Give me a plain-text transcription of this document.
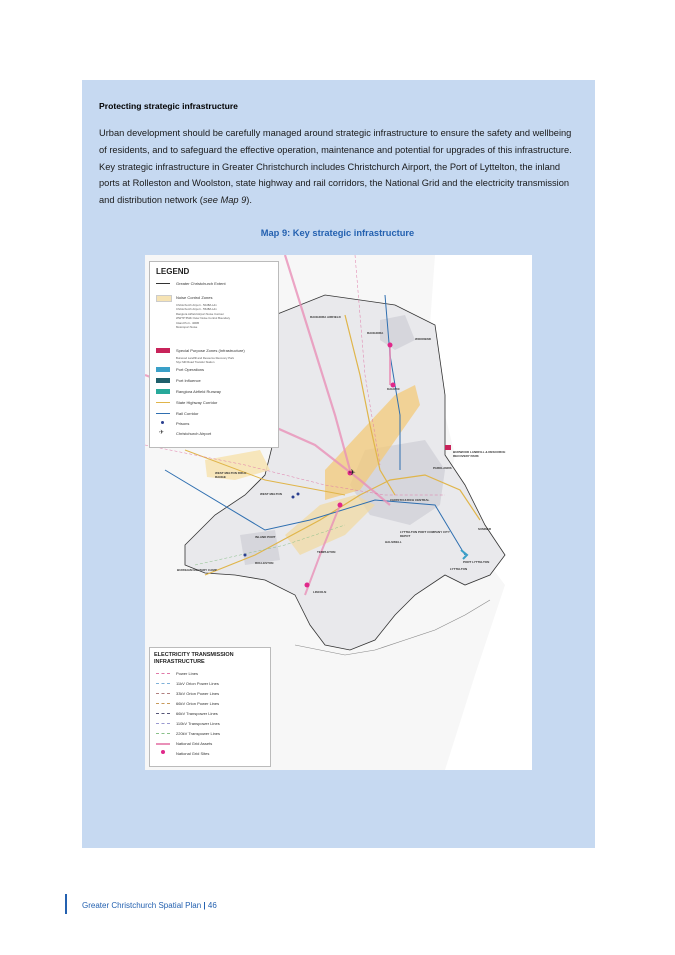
Protecting strategic infrastructure
Urban development should be carefully managed around strategic infrastructure to ensure the safety and wellbeing of residents, and to safeguard the effective operation, maintenance and potential for upgrades of this infrastructure. Key strategic infrastructure in Greater Christchurch includes Christchurch Airport, the Port of Lyttelton, the inland ports at Rolleston and Woolston, state highway and rail corridors, the National Grid and the electricity transmission and distribution network (see Map 9).
Map 9: Key strategic infrastructure
✈
LEGEND
Greater Christchurch Extent
Noise Control Zones
Christchurch Airport - 50dBA Ldn
Christchurch Airport - 55dBA Ldn
Rangiora Airfield Airport Noise Contour
WWTP 55db Outer Noise Control Boundary
Inland Port - 40DB
Motorsport Noise
Special Purpose Zones (Infrastructure)
Burwood Landfill and Resource Recovery Park
Styx Mill Road Transfer Station
Port Operations
Port Influence
Rangiora Airfield Runway
State Highway Corridor
Rail Corridor
Prisons
✈	Christchurch Airport
RANGIORA AIRFIELD
RANGIORA
WOODEND
KAIAPOI
BURWOOD LANDFILL & RESOURCE RECOVERY PARK
PARKLANDS
WEST MELTON RIFLE RANGE
WEST MELTON
CHRISTCHURCH CENTRAL
SUMNER
LYTTELTON PORT COMPANY CITY DEPOT
HALSWELL
INLAND PORT
TEMPLETON
ROLLESTON
BURNHAM MILITARY CAMP
PORT LYTTELTON
LYTTELTON
LINCOLN
ELECTRICITY TRANSMISSION
INFRASTRUCTURE
Power Lines
11kV Orion Power Lines
33kV Orion Power Lines
66kV Orion Power Lines
66kV Transpower Lines
110kV Transpower Lines
220kV Transpower Lines
National Grid Assets
National Grid Sites
Greater Christchurch Spatial Plan | 46
